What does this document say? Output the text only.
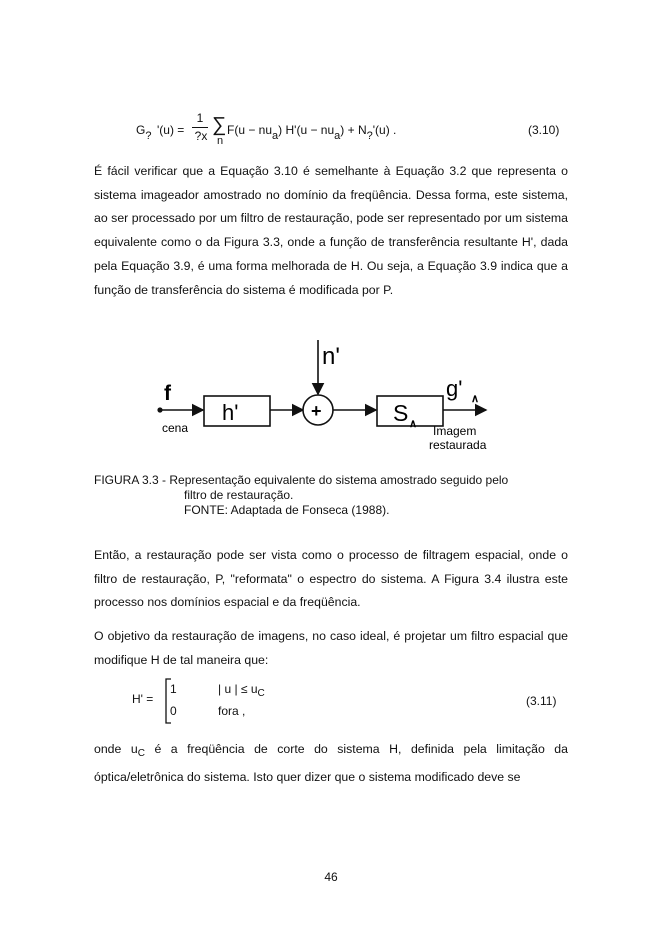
G? '(u) =
1
?x ∑
n
F(u − nua) H'(u − nua) + N?'(u) .	(3.10)
É fácil verificar que a Equação 3.10 é semelhante à Equação 3.2 que representa o sistema imageador amostrado no domínio da freqüência. Dessa forma, este sistema, ao ser processado por um filtro de restauração, pode ser representado por um sistema equivalente como o da Figura 3.3, onde a função de transferência resultante H', dada pela Equação 3.9, é uma forma melhorada de H. Ou seja, a Equação 3.9 indica que a função de transferência do sistema é modificada por P.
f
cena
h'
n'
+	S ∧
g' ∧
Imagem
restaurada
FIGURA 3.3 - Representação equivalente do sistema amostrado seguido pelo
filtro de restauração.
FONTE: Adaptada de Fonseca (1988).
Então, a restauração pode ser vista como o processo de filtragem espacial, onde o filtro de restauração, P, "reformata" o espectro do sistema. A Figura 3.4 ilustra este processo nos domínios espacial e da freqüência.
O objetivo da restauração de imagens, no caso ideal, é projetar um filtro espacial que modifique H de tal maneira que:
H' =
1	| u | ≤ $u_C$
0	fora ,
(3.11)
onde $u_C$ é a freqüência de corte do sistema H, definida pela limitação da óptica/eletrônica do sistema. Isto quer dizer que o sistema modificado deve se
46
